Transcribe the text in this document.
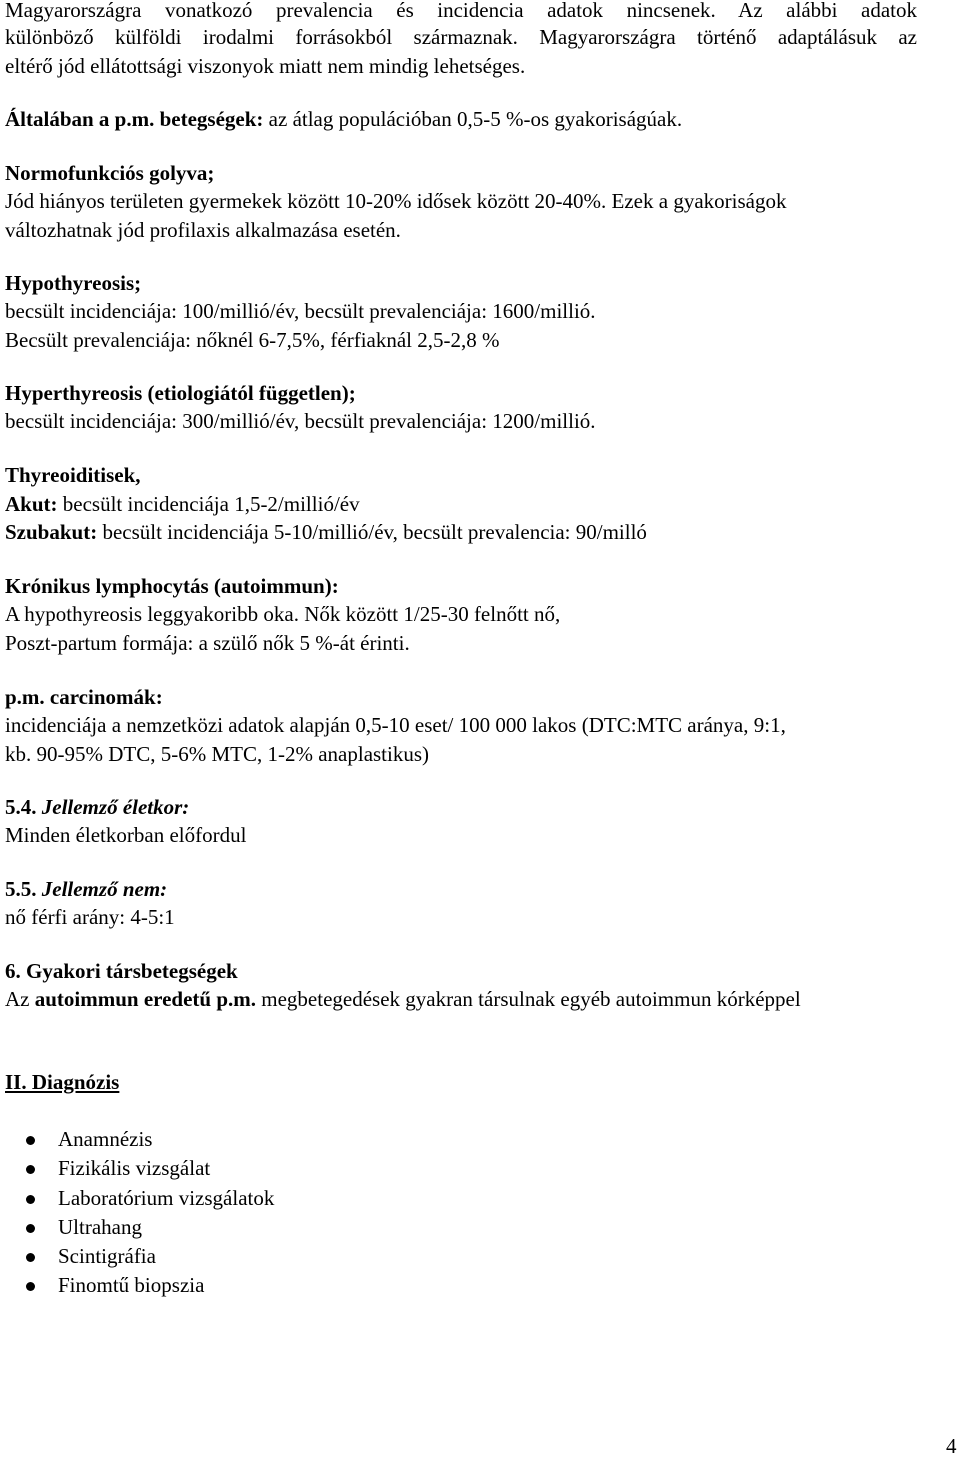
Magyarországra vonatkozó prevalencia és incidencia adatok nincsenek. Az alábbi adatok
különböző külföldi irodalmi forrásokból származnak. Magyarországra történő adaptálásuk az
eltérő jód ellátottsági viszonyok miatt nem mindig lehetséges.
Általában a p.m. betegségek: az átlag populációban 0,5-5 %-os gyakoriságúak.
Normofunkciós golyva;
Jód hiányos területen gyermekek között 10-20% idősek között 20-40%. Ezek a gyakoriságok
változhatnak jód profilaxis alkalmazása esetén.
Hypothyreosis;
becsült incidenciája: 100/millió/év, becsült prevalenciája: 1600/millió.
Becsült prevalenciája: nőknél 6-7,5%, férfiaknál 2,5-2,8 %
Hyperthyreosis (etiologiától független);
becsült incidenciája: 300/millió/év, becsült prevalenciája: 1200/millió.
Thyreoiditisek,
Akut: becsült incidenciája 1,5-2/millió/év
Szubakut: becsült incidenciája 5-10/millió/év, becsült prevalencia: 90/milló
Krónikus lymphocytás (autoimmun):
A hypothyreosis leggyakoribb oka. Nők között 1/25-30 felnőtt nő,
Poszt-partum formája: a szülő nők 5 %-át érinti.
p.m. carcinomák:
incidenciája a nemzetközi adatok alapján 0,5-10 eset/ 100 000 lakos (DTC:MTC aránya, 9:1,
kb. 90-95% DTC, 5-6% MTC, 1-2% anaplastikus)
5.4. Jellemző életkor:
Minden életkorban előfordul
5.5. Jellemző nem:
nő férfi arány: 4-5:1
6. Gyakori társbetegségek
Az autoimmun eredetű p.m. megbetegedések gyakran társulnak egyéb autoimmun kórképpel
II. Diagnózis
Anamnézis
Fizikális vizsgálat
Laboratórium vizsgálatok
Ultrahang
Scintigráfia
Finomtű biopszia
4
